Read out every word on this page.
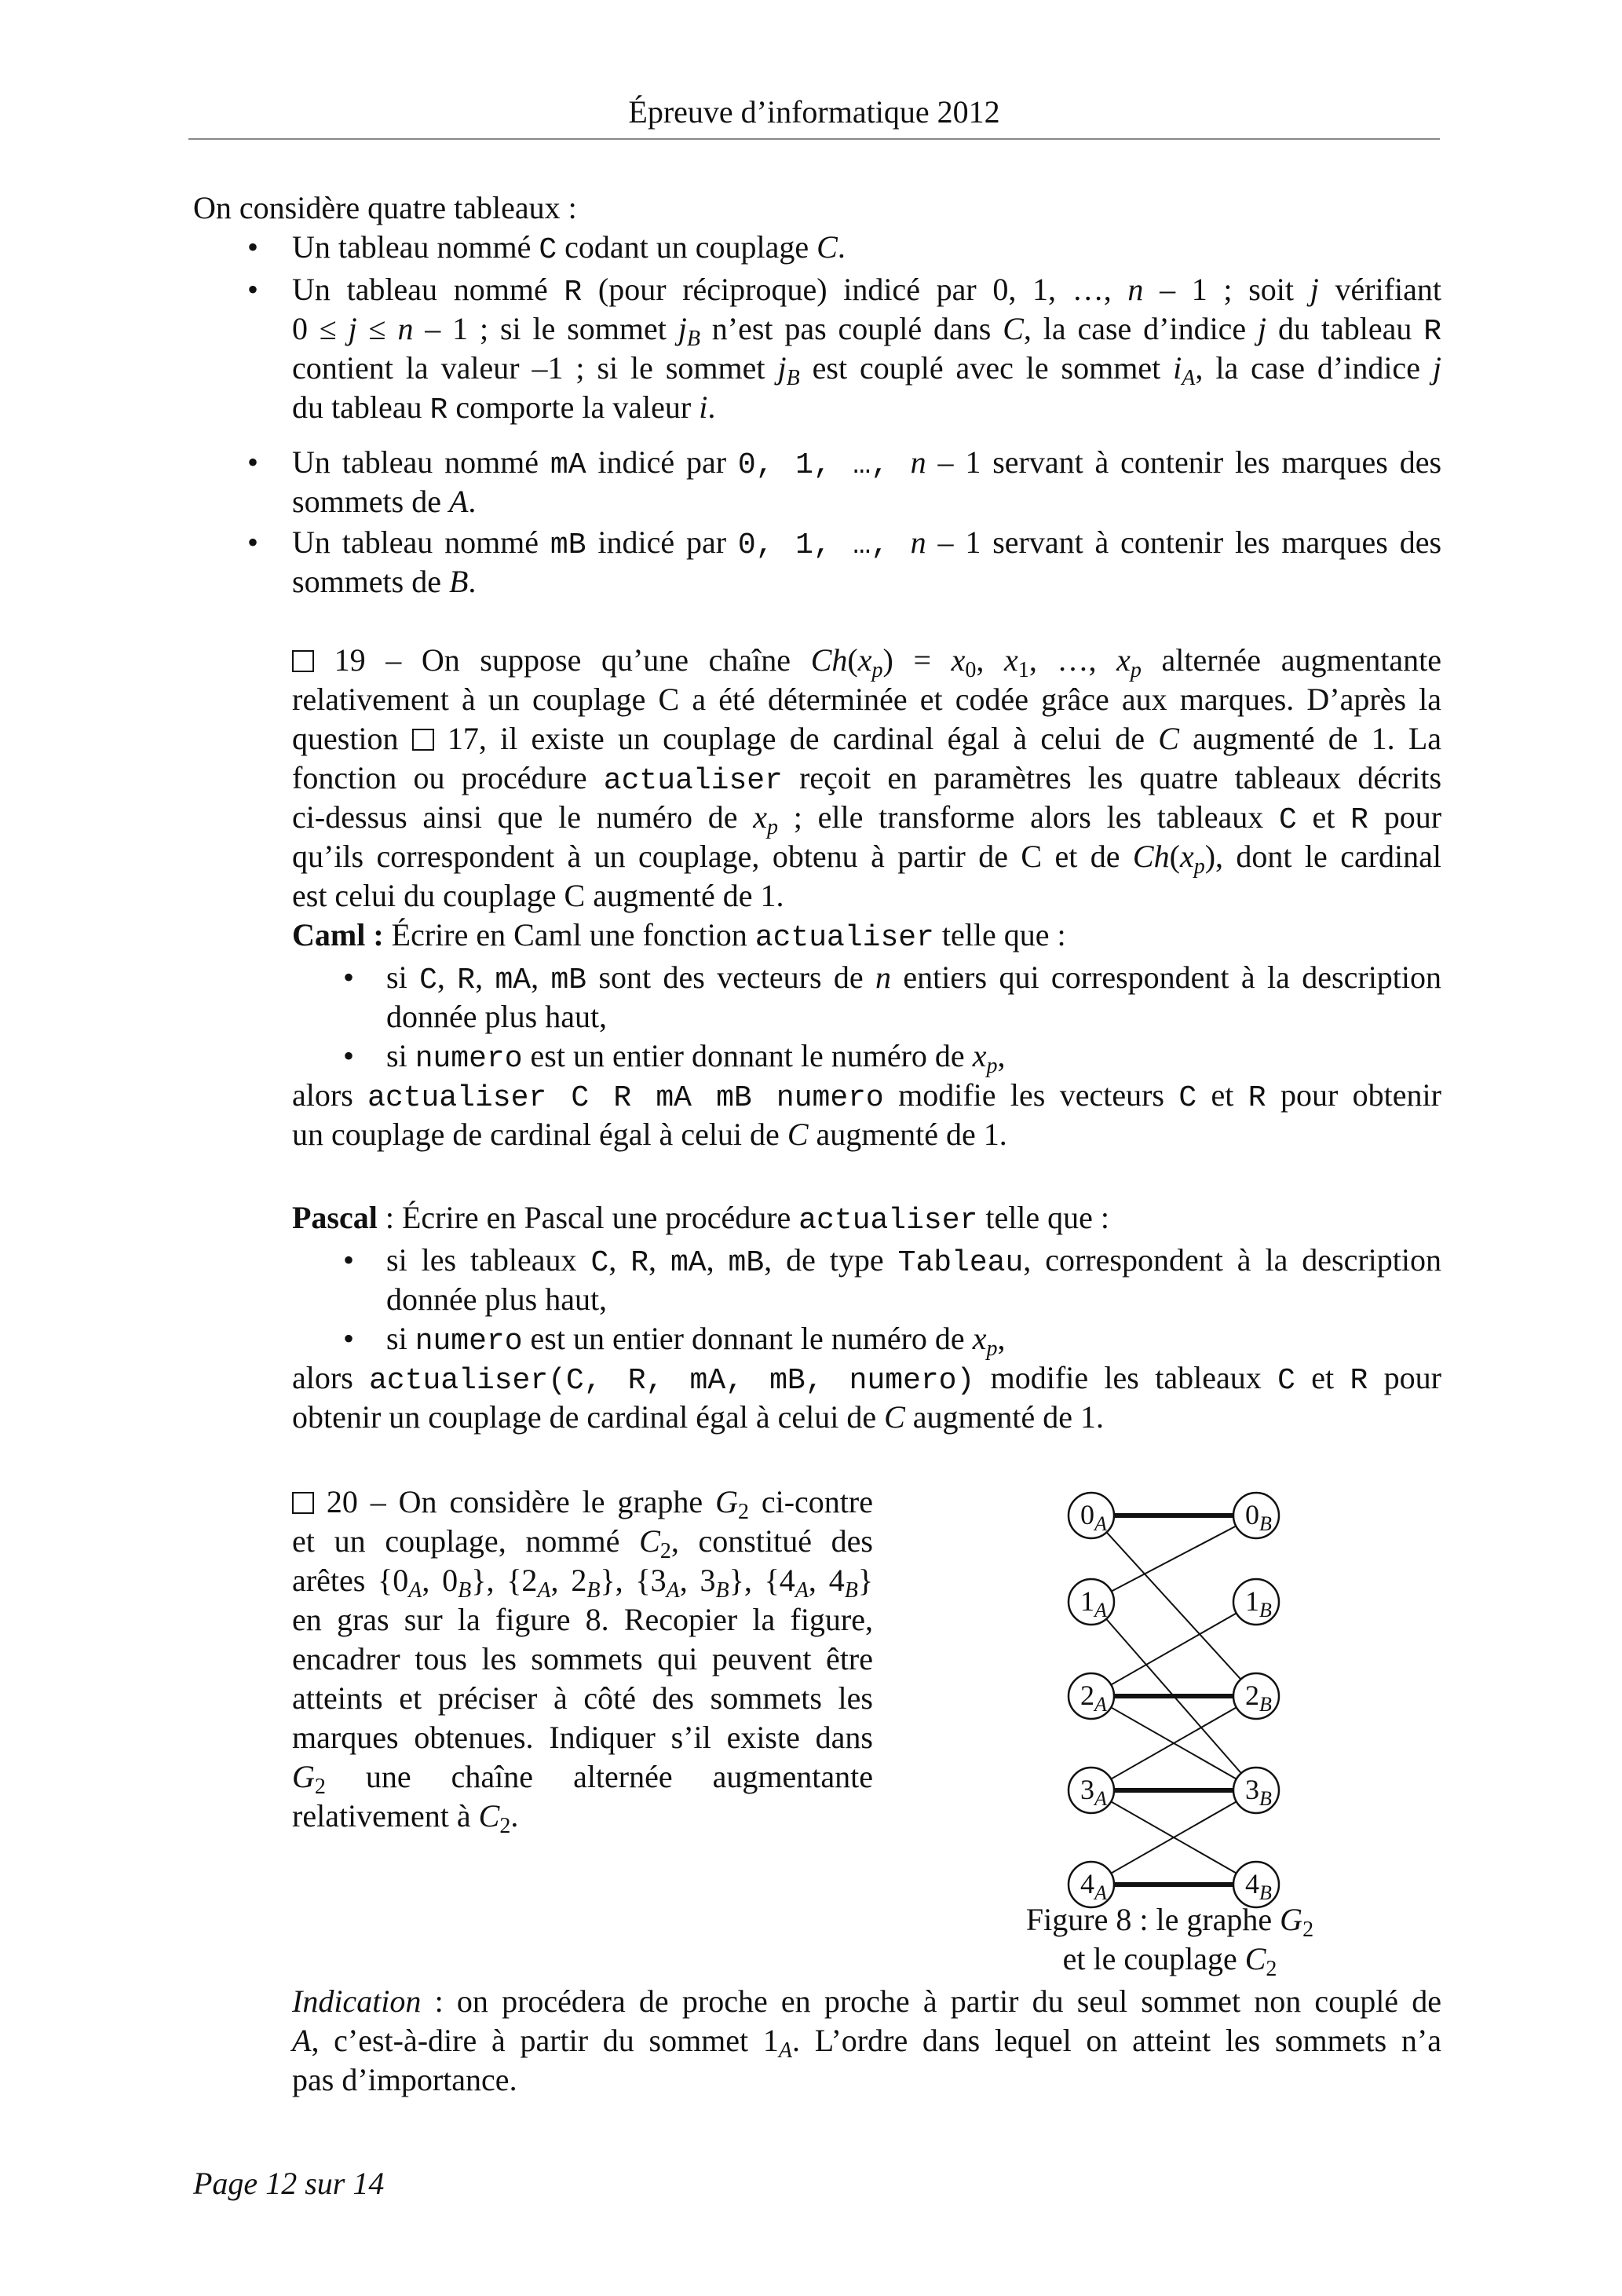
Épreuve d’informatique 2012
On considère quatre tableaux :
•	Un tableau nommé C codant un couplage C.
•	Un tableau nommé R (pour réciproque) indicé par 0, 1, …, n – 1 ; soit j vérifiant
0 ≤ j ≤ n – 1 ; si le sommet $j_B$ n’est pas couplé dans C, la case d’indice j du tableau R
contient la valeur –1 ; si le sommet $j_B$ est couplé avec le sommet $i_A$, la case d’indice j
du tableau R comporte la valeur i.
•	Un tableau nommé mA indicé par 0, 1, …, n – 1 servant à contenir les marques des
sommets de A.
•	Un tableau nommé mB indicé par 0, 1, …, n – 1 servant à contenir les marques des
sommets de B.
19 – On suppose qu’une chaîne $Ch(x_p) = x_0$, $x_1$, …, $x_p$ alternée augmentante
relativement à un couplage C a été déterminée et codée grâce aux marques. D’après la
question 17, il existe un couplage de cardinal égal à celui de C augmenté de 1. La
fonction ou procédure actualiser reçoit en paramètres les quatre tableaux décrits
ci-dessus ainsi que le numéro de $x_p$ ; elle transforme alors les tableaux C et R pour
qu’ils correspondent à un couplage, obtenu à partir de C et de $Ch(x_p)$, dont le cardinal
est celui du couplage C augmenté de 1.
Caml : Écrire en Caml une fonction actualiser telle que :
•	si C, R, mA, mB sont des vecteurs de n entiers qui correspondent à la description
donnée plus haut,
•	si numero est un entier donnant le numéro de $x_p$,
alors actualiser C R mA mB numero modifie les vecteurs C et R pour obtenir
un couplage de cardinal égal à celui de C augmenté de 1.
Pascal : Écrire en Pascal une procédure actualiser telle que :
•	si les tableaux C, R, mA, mB, de type Tableau, correspondent à la description
donnée plus haut,
•	si numero est un entier donnant le numéro de $x_p$,
alors actualiser(C, R, mA, mB, numero) modifie les tableaux C et R pour
obtenir un couplage de cardinal égal à celui de C augmenté de 1.
20 – On considère le graphe $G_2$ ci-contre
et un couplage, nommé $C_2$, constitué des
arêtes {$0_A$, $0_B$}, {$2_A$, $2_B$}, {$3_A$, $3_B$}, {$4_A$, $4_B$}
en gras sur la figure 8. Recopier la figure,
encadrer tous les sommets qui peuvent être
atteints et préciser à côté des sommets les
marques obtenues. Indiquer s’il existe dans
$G_2$ une chaîne alternée augmentante
relativement à $C_2$.
$0_A$
$1_A$
$2_A$
$3_A$
$4_A$
$0_B$
$1_B$
$2_B$
$3_B$
$4_B$
Figure 8 : le graphe $G_2$
et le couplage $C_2$
Indication : on procédera de proche en proche à partir du seul sommet non couplé de
A, c’est-à-dire à partir du sommet $1_A$. L’ordre dans lequel on atteint les sommets n’a
pas d’importance.
Page 12 sur 14
